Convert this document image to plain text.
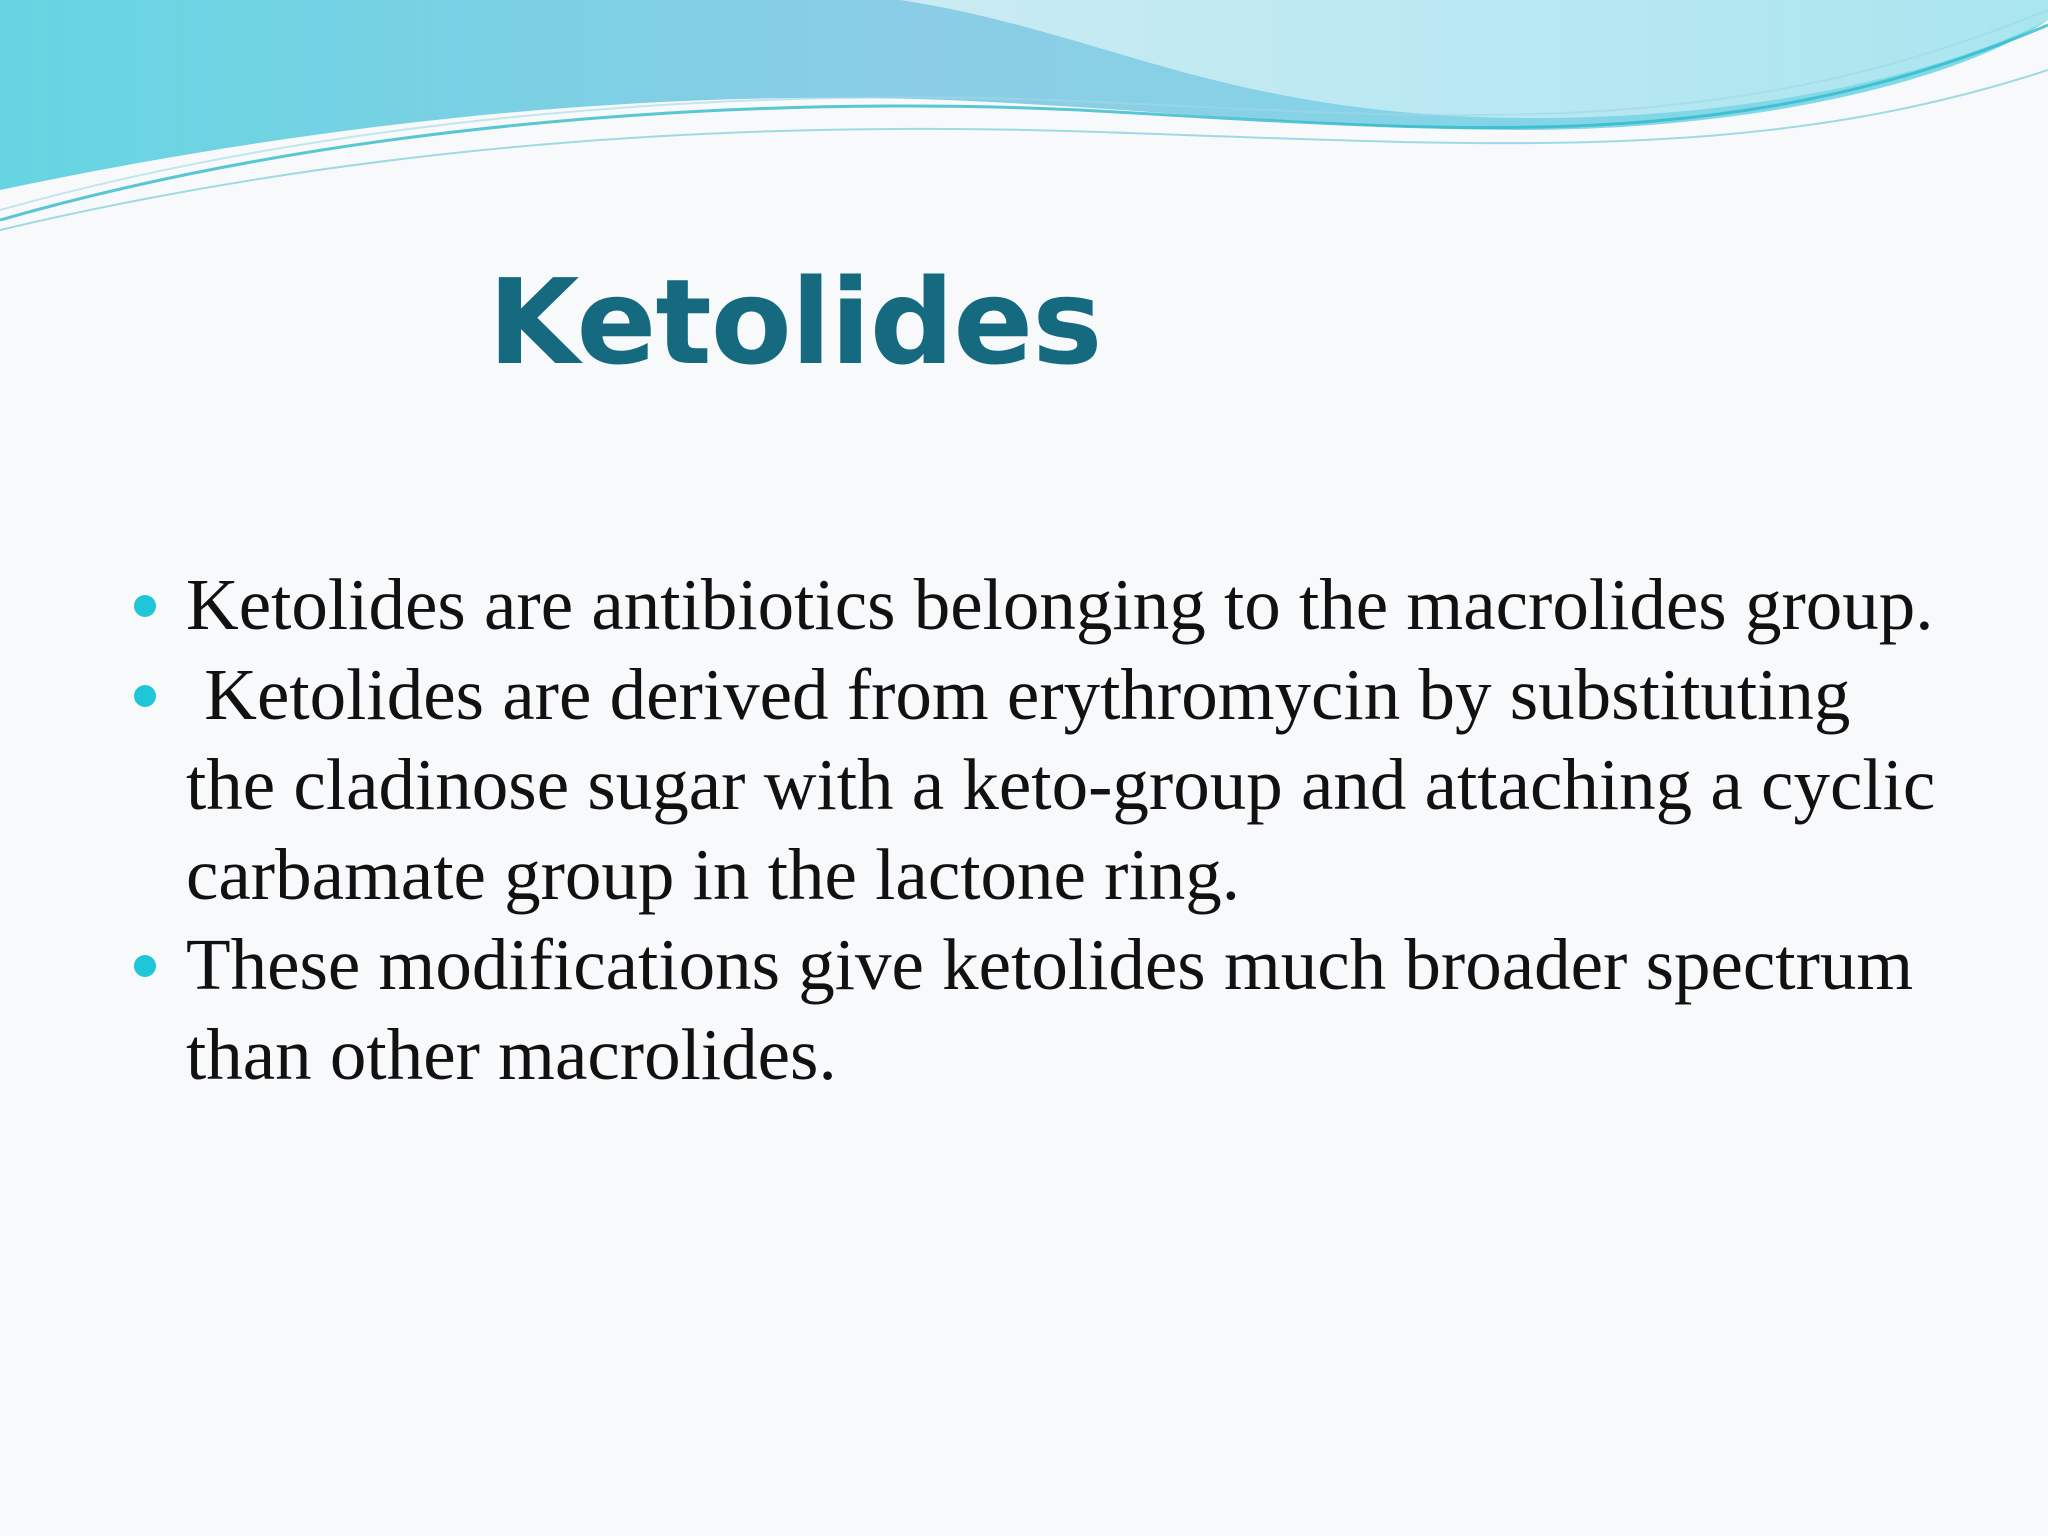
Ketolides
Ketolides are antibiotics belonging to the macrolides group.
Ketolides are derived from erythromycin by substituting the cladinose sugar with a keto-group and attaching a cyclic carbamate group in the lactone ring.
These modifications give ketolides much broader spectrum than other macrolides.
